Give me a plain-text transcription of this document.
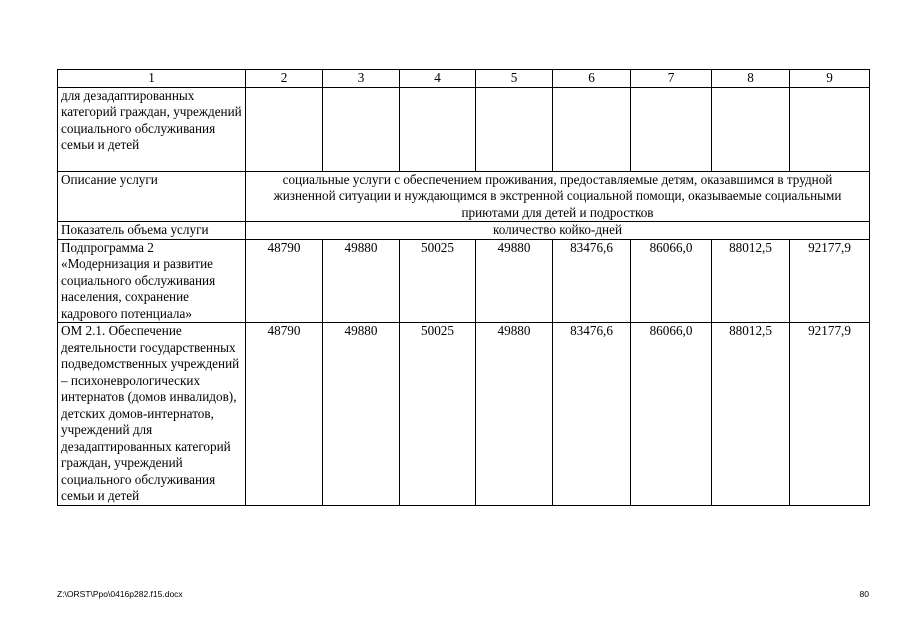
1	2	3	4	5	6	7	8	9
для дезадаптированных категорий граждан, учреждений социального обслуживания семьи и детей								
Описание услуги	социальные услуги с обеспечением проживания, предоставляемые детям, оказавшимся в трудной жизненной ситуации и нуждающимся в экстренной социальной помощи, оказываемые социальными приютами для детей и подростков							
Показатель объема услуги	количество койко-дней							
Подпрограмма 2 «Модернизация и развитие социального обслуживания населения, сохранение кадрового потенциала»	48790	49880	50025	49880	83476,6	86066,0	88012,5	92177,9
ОМ 2.1. Обеспечение деятельности государственных подведомственных учреждений – психоневрологических интернатов (домов инвалидов), детских домов-интернатов, учреждений для дезадаптированных категорий граждан, учреждений социального обслуживания семьи и детей	48790	49880	50025	49880	83476,6	86066,0	88012,5	92177,9
Z:\ORST\Ppo\0416p282.f15.docx	80
